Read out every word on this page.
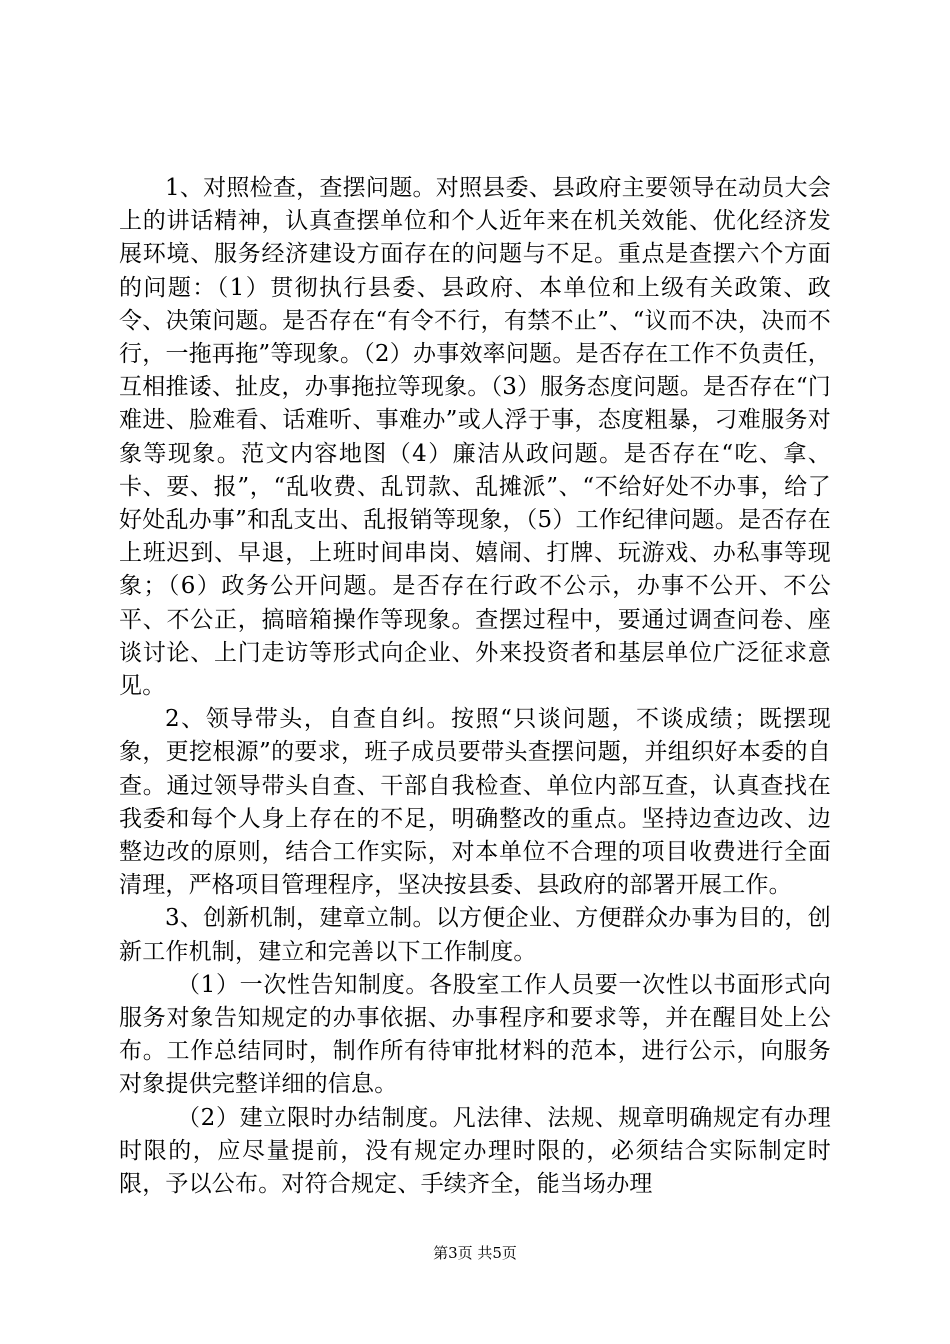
1、对照检查，查摆问题。对照县委、县政府主要领导在动员大会上的讲话精神，认真查摆单位和个人近年来在机关效能、优化经济发展环境、服务经济建设方面存在的问题与不足。重点是查摆六个方面的问题：（1）贯彻执行县委、县政府、本单位和上级有关政策、政令、决策问题。是否存在“有令不行，有禁不止”、“议而不决，决而不行，一拖再拖”等现象。（2）办事效率问题。是否存在工作不负责任，互相推诿、扯皮，办事拖拉等现象。（3）服务态度问题。是否存在“门难进、脸难看、话难听、事难办”或人浮于事，态度粗暴，刁难服务对象等现象。范文内容地图（4）廉洁从政问题。是否存在“吃、拿、卡、要、报”，“乱收费、乱罚款、乱摊派”、“不给好处不办事，给了好处乱办事”和乱支出、乱报销等现象，（5）工作纪律问题。是否存在上班迟到、早退，上班时间串岗、嬉闹、打牌、玩游戏、办私事等现象；（6）政务公开问题。是否存在行政不公示，办事不公开、不公平、不公正，搞暗箱操作等现象。查摆过程中，要通过调查问卷、座谈讨论、上门走访等形式向企业、外来投资者和基层单位广泛征求意见。

2、领导带头，自查自纠。按照“只谈问题，不谈成绩；既摆现象，更挖根源”的要求，班子成员要带头查摆问题，并组织好本委的自查。通过领导带头自查、干部自我检查、单位内部互查，认真查找在我委和每个人身上存在的不足，明确整改的重点。坚持边查边改、边整边改的原则，结合工作实际，对本单位不合理的项目收费进行全面清理，严格项目管理程序，坚决按县委、县政府的部署开展工作。

3、创新机制，建章立制。以方便企业、方便群众办事为目的，创新工作机制，建立和完善以下工作制度。

（1）一次性告知制度。各股室工作人员要一次性以书面形式向服务对象告知规定的办事依据、办事程序和要求等，并在醒目处上公布。工作总结同时，制作所有待审批材料的范本，进行公示，向服务对象提供完整详细的信息。

（2）建立限时办结制度。凡法律、法规、规章明确规定有办理时限的，应尽量提前，没有规定办理时限的，必须结合实际制定时限，予以公布。对符合规定、手续齐全，能当场办理

第3页 共5页
